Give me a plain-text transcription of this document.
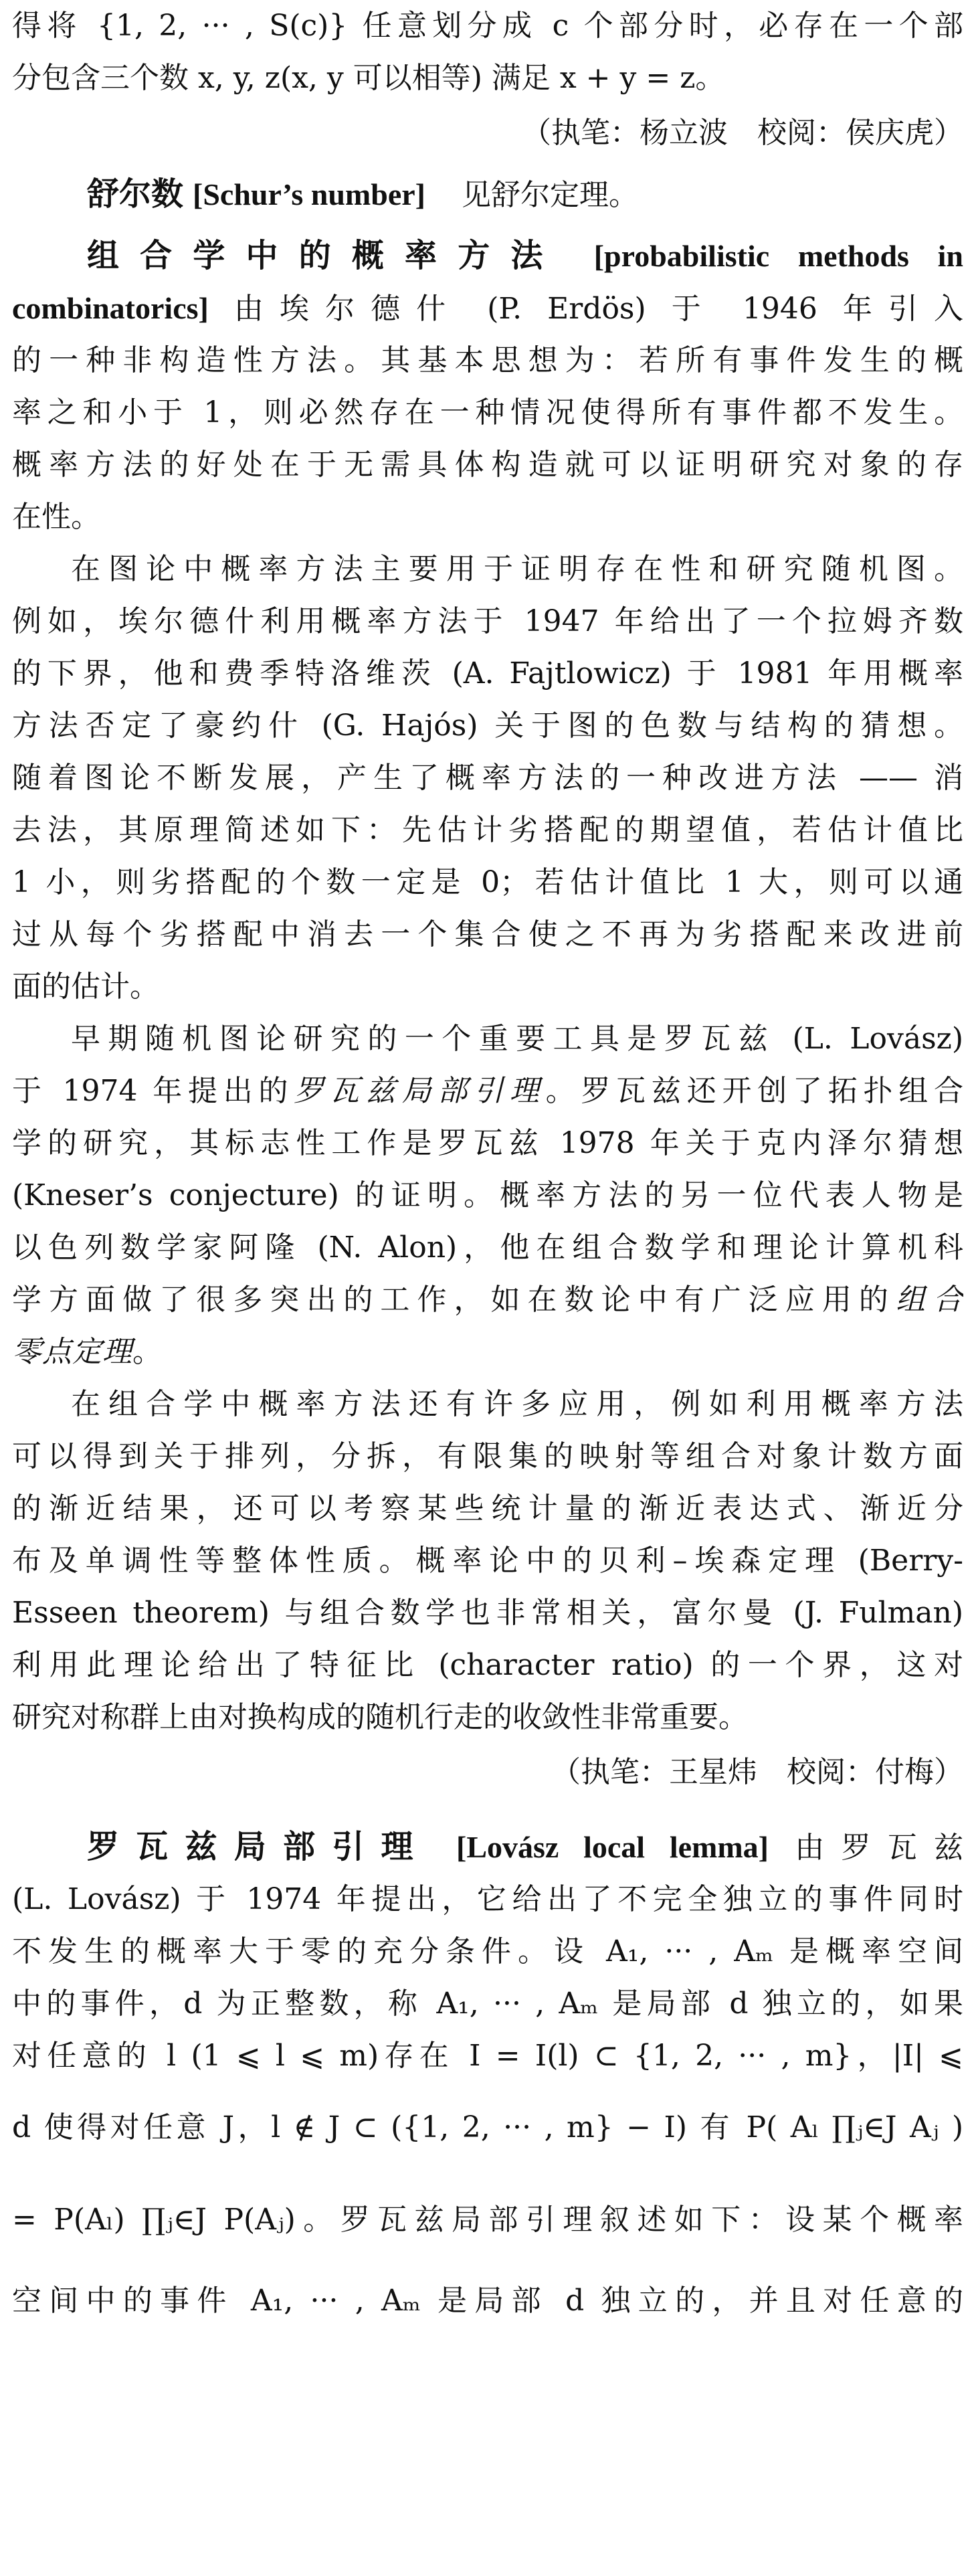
得将 {1, 2, ··· , S(c)} 任意划分成 c 个部分时，必存在一个部
分包含三个数 x, y, z(x, y 可以相等) 满足 x + y = z。
（执笔：杨立波　校阅：侯庆虎）
舒尔数 [Schur’s number] 见舒尔定理。
组合学中的概率方法 [probabilistic methods in
combinatorics] 由埃尔德什 (P. Erdös) 于 1946 年引入
的一种非构造性方法。其基本思想为：若所有事件发生的概
率之和小于 1，则必然存在一种情况使得所有事件都不发生。
概率方法的好处在于无需具体构造就可以证明研究对象的存
在性。
在图论中概率方法主要用于证明存在性和研究随机图。
例如，埃尔德什利用概率方法于 1947 年给出了一个拉姆齐数
的下界，他和费季特洛维茨 (A. Fajtlowicz) 于 1981 年用概率
方法否定了豪约什 (G. Hajós) 关于图的色数与结构的猜想。
随着图论不断发展，产生了概率方法的一种改进方法 —— 消
去法，其原理简述如下：先估计劣搭配的期望值，若估计值比
1 小，则劣搭配的个数一定是 0；若估计值比 1 大，则可以通
过从每个劣搭配中消去一个集合使之不再为劣搭配来改进前
面的估计。
早期随机图论研究的一个重要工具是罗瓦兹 (L. Lovász)
于 1974 年提出的罗瓦兹局部引理。罗瓦兹还开创了拓扑组合
学的研究，其标志性工作是罗瓦兹 1978 年关于克内泽尔猜想
(Kneser’s conjecture) 的证明。概率方法的另一位代表人物是
以色列数学家阿隆 (N. Alon)，他在组合数学和理论计算机科
学方面做了很多突出的工作，如在数论中有广泛应用的组合
零点定理。
在组合学中概率方法还有许多应用，例如利用概率方法
可以得到关于排列，分拆，有限集的映射等组合对象计数方面
的渐近结果，还可以考察某些统计量的渐近表达式、渐近分
布及单调性等整体性质。概率论中的贝利–埃森定理 (Berry-
Esseen theorem) 与组合数学也非常相关，富尔曼 (J. Fulman)
利用此理论给出了特征比 (character ratio) 的一个界，这对
研究对称群上由对换构成的随机行走的收敛性非常重要。
（执笔：王星炜　校阅：付梅）
罗瓦兹局部引理 [Lovász local lemma] 由罗瓦兹
(L. Lovász) 于 1974 年提出，它给出了不完全独立的事件同时
不发生的概率大于零的充分条件。设 A₁, ··· , Aₘ 是概率空间
中的事件，d 为正整数，称 A₁, ··· , Aₘ 是局部 d 独立的，如果
对任意的 l (1 ⩽ l ⩽ m)存在 I = I(l) ⊂ {1, 2, ··· , m}，|I| ⩽
d 使得对任意 J，l ∉ J ⊂ ({1, 2, ··· , m} − I) 有 P( Aₗ ∏ⱼ∈J Aⱼ )
= P(Aₗ) ∏ⱼ∈J P(Aⱼ)。罗瓦兹局部引理叙述如下：设某个概率
空间中的事件 A₁, ··· , Aₘ 是局部 d 独立的，并且对任意的
